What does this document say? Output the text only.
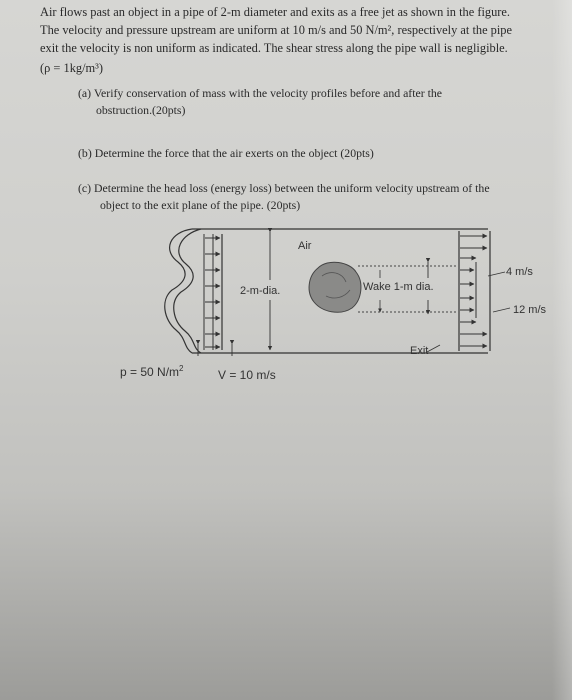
Air flows past an object in a pipe of 2-m diameter and exits as a free jet as shown in the figure.
The velocity and pressure upstream are uniform at 10 m/s and 50 N/m², respectively at the pipe
exit the velocity is non uniform as indicated. The shear stress along the pipe wall is negligible.
(ρ = 1kg/m³)
(a) Verify conservation of mass with the velocity profiles before and after the
obstruction.(20pts)
(b) Determine the force that the air exerts on the object (20pts)
(c) Determine the head loss (energy loss) between the uniform velocity upstream of the
object to the exit plane of the pipe. (20pts)
Air
2-m-dia.	Wake 1-m dia.
4 m/s
12 m/s
Exit
p = 50 $N/m^2$	V = 10 m/s
